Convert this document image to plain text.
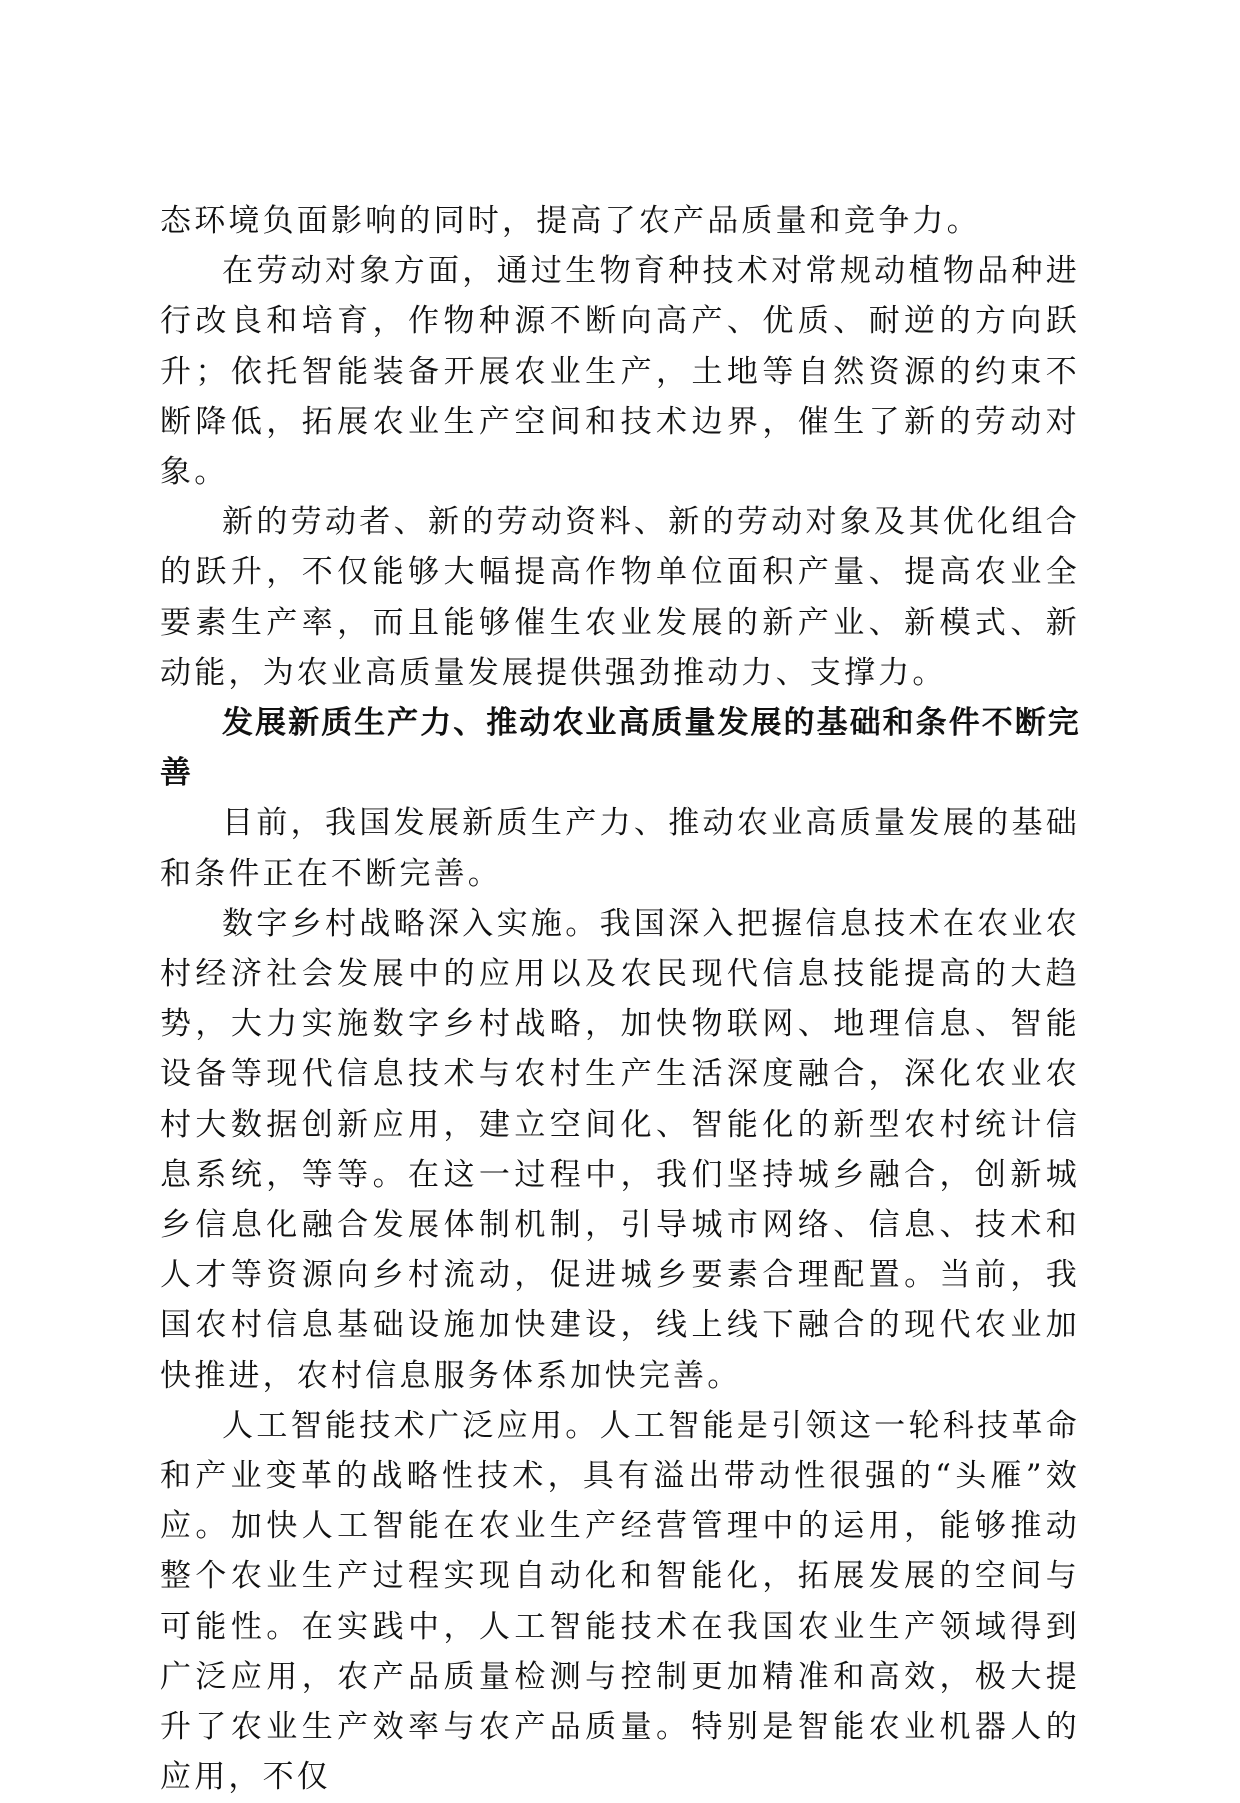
态环境负面影响的同时，提高了农产品质量和竞争力。

在劳动对象方面，通过生物育种技术对常规动植物品种进行改良和培育，作物种源不断向高产、优质、耐逆的方向跃升；依托智能装备开展农业生产，土地等自然资源的约束不断降低，拓展农业生产空间和技术边界，催生了新的劳动对象。

新的劳动者、新的劳动资料、新的劳动对象及其优化组合的跃升，不仅能够大幅提高作物单位面积产量、提高农业全要素生产率，而且能够催生农业发展的新产业、新模式、新动能，为农业高质量发展提供强劲推动力、支撑力。

发展新质生产力、推动农业高质量发展的基础和条件不断完善

目前，我国发展新质生产力、推动农业高质量发展的基础和条件正在不断完善。

数字乡村战略深入实施。我国深入把握信息技术在农业农村经济社会发展中的应用以及农民现代信息技能提高的大趋势，大力实施数字乡村战略，加快物联网、地理信息、智能设备等现代信息技术与农村生产生活深度融合，深化农业农村大数据创新应用，建立空间化、智能化的新型农村统计信息系统，等等。在这一过程中，我们坚持城乡融合，创新城乡信息化融合发展体制机制，引导城市网络、信息、技术和人才等资源向乡村流动，促进城乡要素合理配置。当前，我国农村信息基础设施加快建设，线上线下融合的现代农业加快推进，农村信息服务体系加快完善。

人工智能技术广泛应用。人工智能是引领这一轮科技革命和产业变革的战略性技术，具有溢出带动性很强的“头雁”效应。加快人工智能在农业生产经营管理中的运用，能够推动整个农业生产过程实现自动化和智能化，拓展发展的空间与可能性。在实践中，人工智能技术在我国农业生产领域得到广泛应用，农产品质量检测与控制更加精准和高效，极大提升了农业生产效率与农产品质量。特别是智能农业机器人的应用，不仅
